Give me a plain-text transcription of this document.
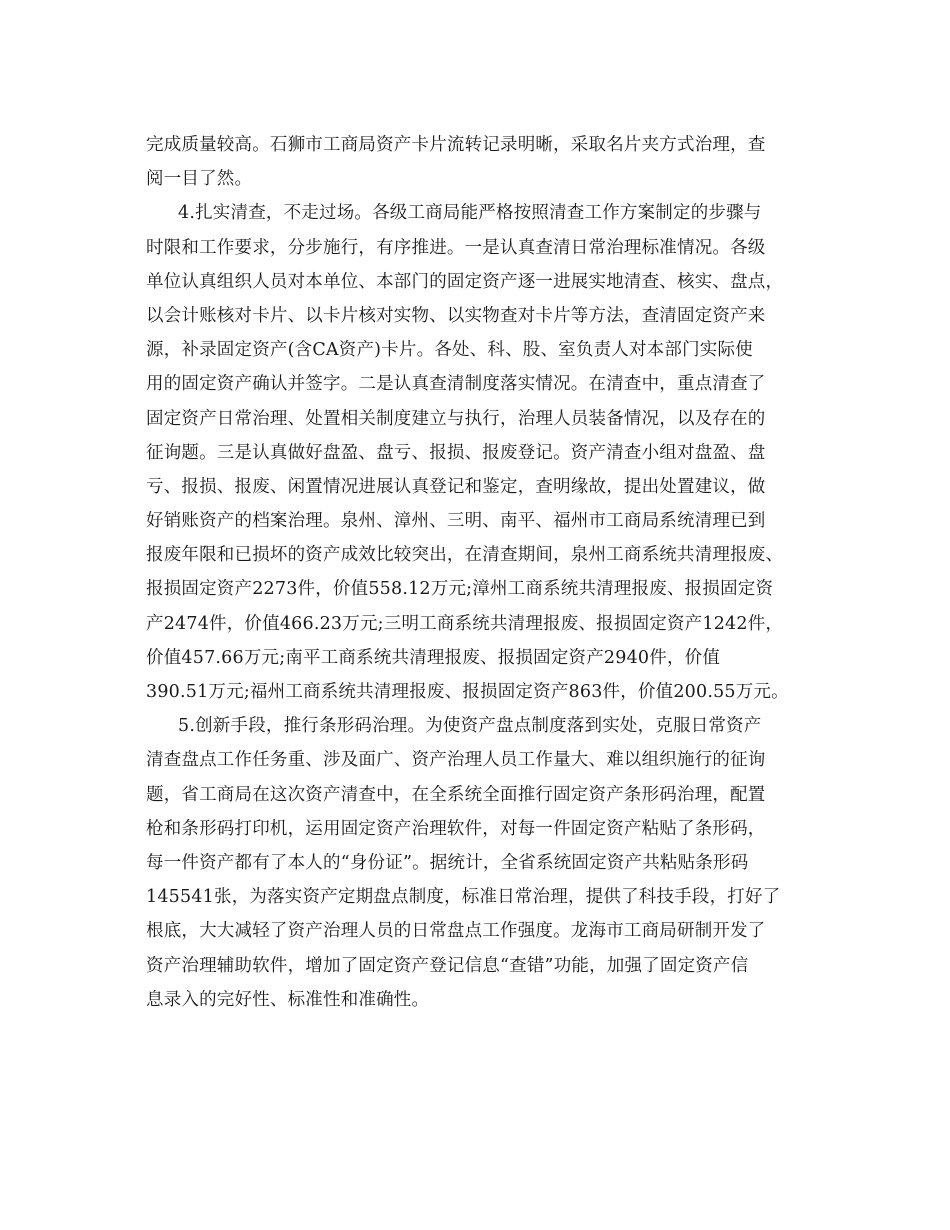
完成质量较高。石狮市工商局资产卡片流转记录明晰，采取名片夹方式治理，查
阅一目了然。
4.扎实清查，不走过场。各级工商局能严格按照清查工作方案制定的步骤与
时限和工作要求，分步施行，有序推进。一是认真查清日常治理标准情况。各级
单位认真组织人员对本单位、本部门的固定资产逐一进展实地清查、核实、盘点，
以会计账核对卡片、以卡片核对实物、以实物查对卡片等方法，查清固定资产来
源，补录固定资产(含CA资产)卡片。各处、科、股、室负责人对本部门实际使
用的固定资产确认并签字。二是认真查清制度落实情况。在清查中，重点清查了
固定资产日常治理、处置相关制度建立与执行，治理人员装备情况，以及存在的
征询题。三是认真做好盘盈、盘亏、报损、报废登记。资产清查小组对盘盈、盘
亏、报损、报废、闲置情况进展认真登记和鉴定，查明缘故，提出处置建议，做
好销账资产的档案治理。泉州、漳州、三明、南平、福州市工商局系统清理已到
报废年限和已损坏的资产成效比较突出，在清查期间，泉州工商系统共清理报废、
报损固定资产2273件，价值558.12万元;漳州工商系统共清理报废、报损固定资
产2474件，价值466.23万元;三明工商系统共清理报废、报损固定资产1242件，
价值457.66万元;南平工商系统共清理报废、报损固定资产2940件，价值
390.51万元;福州工商系统共清理报废、报损固定资产863件，价值200.55万元。
5.创新手段，推行条形码治理。为使资产盘点制度落到实处，克服日常资产
清查盘点工作任务重、涉及面广、资产治理人员工作量大、难以组织施行的征询
题，省工商局在这次资产清查中，在全系统全面推行固定资产条形码治理，配置
枪和条形码打印机，运用固定资产治理软件，对每一件固定资产粘贴了条形码，
每一件资产都有了本人的“身份证”。据统计，全省系统固定资产共粘贴条形码
145541张，为落实资产定期盘点制度，标准日常治理，提供了科技手段，打好了
根底，大大减轻了资产治理人员的日常盘点工作强度。龙海市工商局研制开发了
资产治理辅助软件，增加了固定资产登记信息“查错”功能，加强了固定资产信
息录入的完好性、标准性和准确性。
